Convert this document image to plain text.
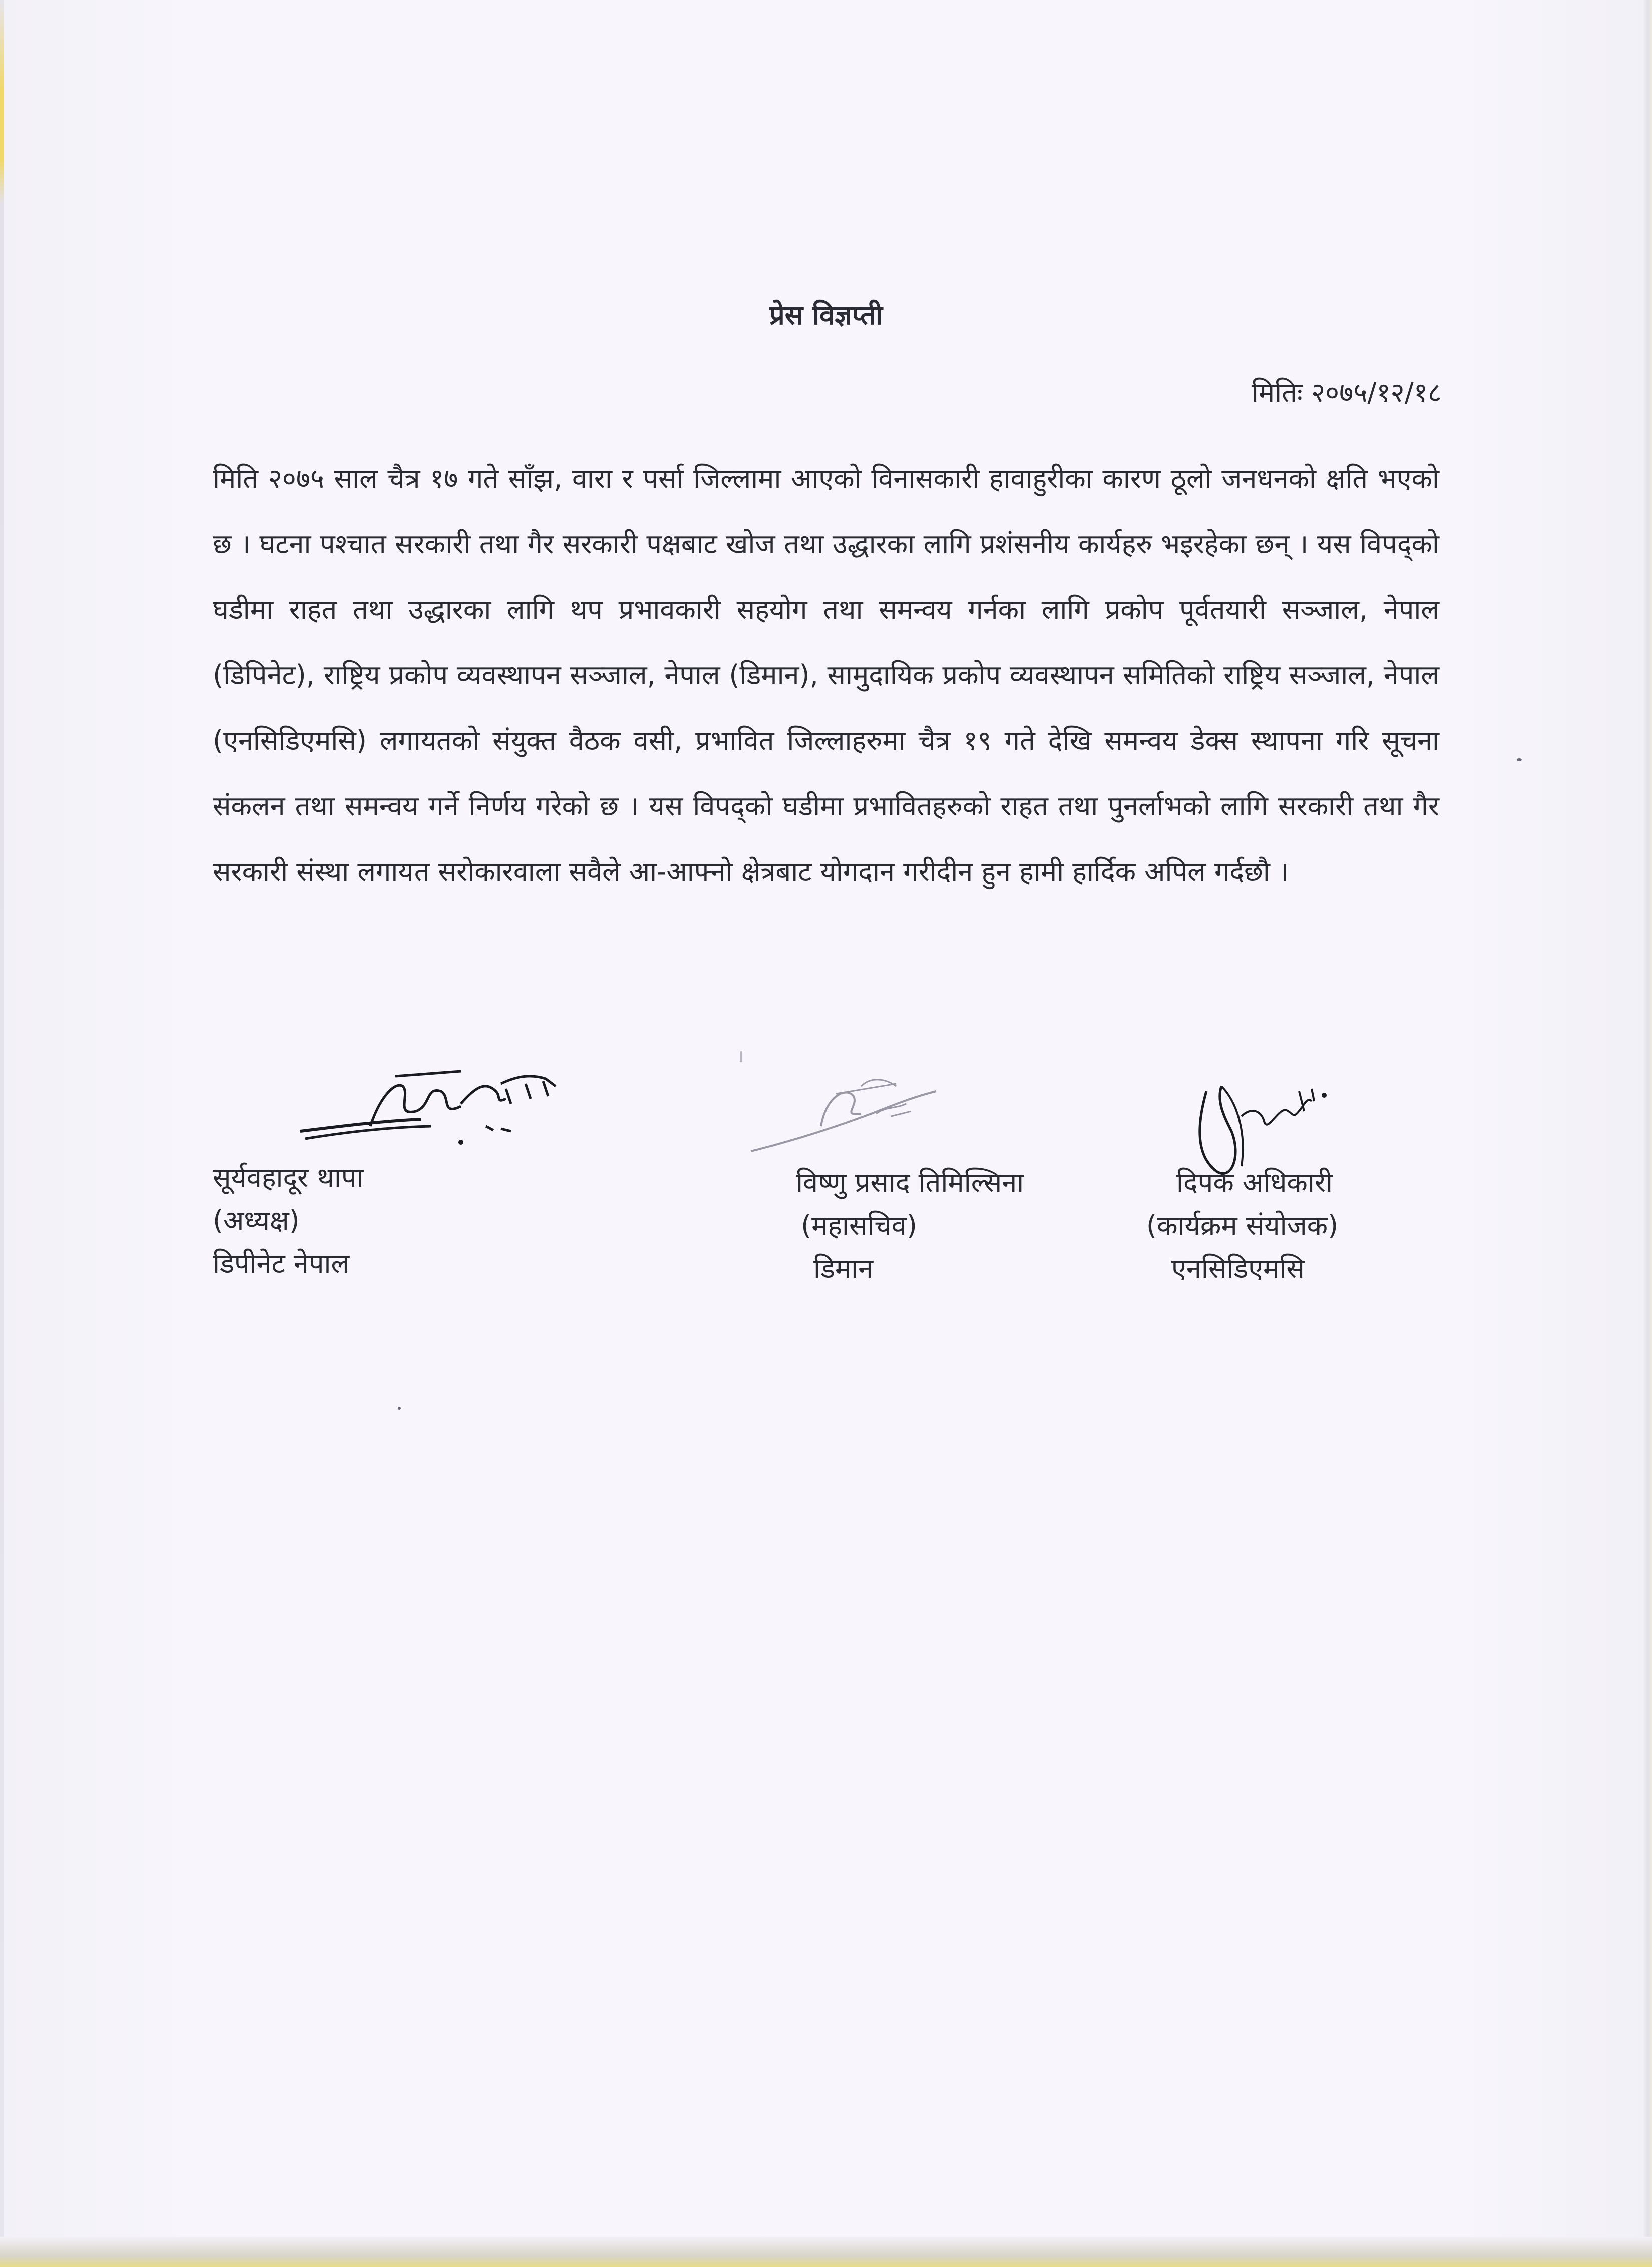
प्रेस विज्ञप्ती
मितिः २०७५/१२/१८
मिति २०७५ साल चैत्र १७ गते साँझ, वारा र पर्सा जिल्लामा आएको विनासकारी हावाहुरीका कारण ठूलो जनधनको क्षति भएको छ । घटना पश्चात सरकारी तथा गैर सरकारी पक्षबाट खोज तथा उद्धारका लागि प्रशंसनीय कार्यहरु भइरहेका छन् । यस विपद्को घडीमा राहत तथा उद्धारका लागि थप प्रभावकारी सहयोग तथा समन्वय गर्नका लागि प्रकोप पूर्वतयारी सञ्जाल, नेपाल (डिपिनेट), राष्ट्रिय प्रकोप व्यवस्थापन सञ्जाल, नेपाल (डिमान), सामुदायिक प्रकोप व्यवस्थापन समितिको राष्ट्रिय सञ्जाल, नेपाल (एनसिडिएमसि) लगायतको संयुक्त वैठक वसी, प्रभावित जिल्लाहरुमा चैत्र १९ गते देखि समन्वय डेक्स स्थापना गरि सूचना संकलन तथा समन्वय गर्ने निर्णय गरेको छ । यस विपद्को घडीमा प्रभावितहरुको राहत तथा पुनर्लाभको लागि सरकारी तथा गैर सरकारी संस्था लगायत सरोकारवाला सवैले आ-आफ्नो क्षेत्रबाट योगदान गरीदीन हुन हामी हार्दिक अपिल गर्दछौ ।
सूर्यवहादूर थापा
(अध्यक्ष)
डिपीनेट नेपाल
विष्णु प्रसाद तिमिल्सिना
(महासचिव)
डिमान
दिपक अधिकारी
(कार्यक्रम संयोजक)
एनसिडिएमसि
